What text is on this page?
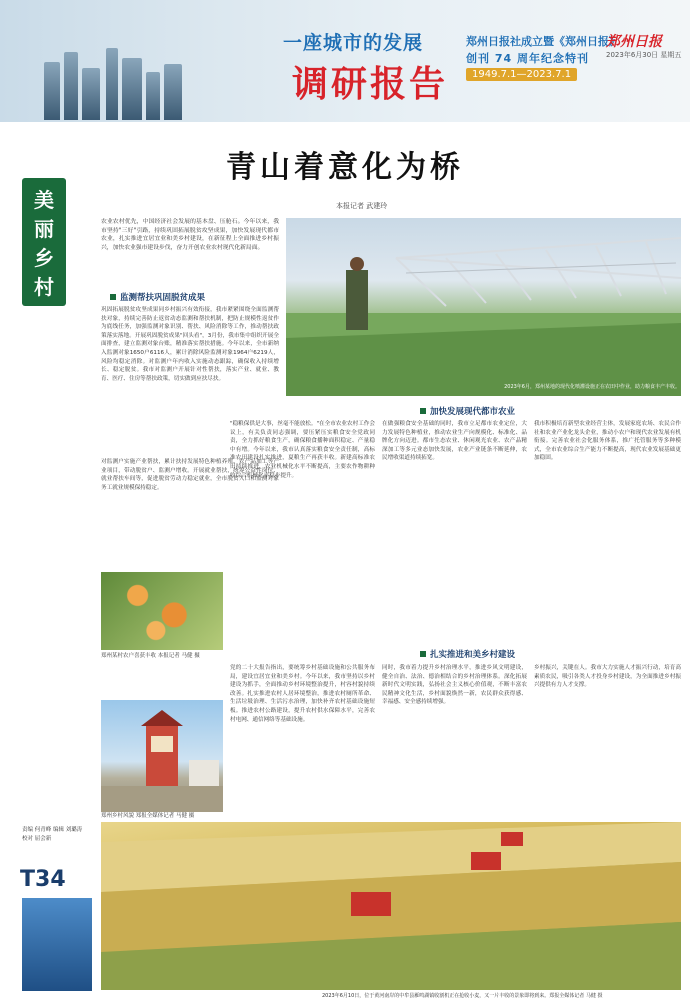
一座城市的发展
调研报告
郑州日报社成立暨《郑州日报》
创刊 74 周年纪念特刊
1949.7.1—2023.7.1
郑州日报
2023年6月30日 星期五
美
丽
乡
村
青山着意化为桥
本报记者 武建玲
农业农村优先，中国经济社会发展的基本盘、压舱石。今年以来，我市坚持"三好"引路，持续巩固拓展脱贫攻坚成果，加快发展现代都市农业，扎实推进宜居宜业和美乡村建设，在新征程上全面推进乡村振兴，加快农业强市建设步伐，奋力开创农业农村现代化新局面。
监测帮扶巩固脱贫成果
巩固拓展脱贫攻坚成果同乡村振兴有效衔接，我市紧紧围绕全面监测帮扶对象，持续完善防止返贫动态监测和帮扶机制，把防止规模性返贫作为底线任务，加强监测对象识别、帮扶、风险消除等工作，推动帮扶政策落实落地。开展巩固脱贫成果"回头看"，3月份，我市集中组织开展全面排查，建立监测对象台账，精准落实帮扶措施。今年以来，全市新纳入监测对象1650户6116人，累计消除风险监测对象1964户6219人，风险均稳定消除。对监测户年内收入实施动态跟踪，确保收入持续增长、稳定脱贫。我市对监测户开展针对性帮扶，落实产业、就业、教育、医疗、住房等帮扶政策，切实做到应扶尽扶。
对监测户实施产业帮扶，累计扶持发展特色种植养殖、农产品加工等产业项目，带动脱贫户、监测户增收。开展就业帮扶，统筹公益性岗位、就业帮扶车间等，促进脱贫劳动力稳定就业，全市脱贫人口和监测对象务工就业规模保持稳定。
2023年6月，郑州某地的现代化喷灌设施正在农田中作业，助力粮食丰产丰收。
加快发展现代都市农业
"稳粮保供是大事，丝毫不能放松。"在全市农业农村工作会议上，有关负责同志强调，要压紧压实粮食安全党政同责，全力抓好粮食生产，确保粮食播种面积稳定、产量稳中有增。今年以来，我市认真落实粮食安全责任制，高标准农田建设扎实推进，夏粮生产再获丰收。新建高标准农田持续推进，农业机械化水平不断提高，主要农作物耕种收综合机械化率稳步提升。
在做强粮食安全基础的同时，我市立足都市农业定位，大力发展特色种植业，推动农业生产向规模化、标准化、品牌化方向迈进。都市生态农业、休闲观光农业、农产品精深加工等多元业态加快发展，农业产业链条不断延伸，农民增收渠道持续拓宽。
我市积极培育新型农业经营主体，发展家庭农场、农民合作社和农业产业化龙头企业，推动小农户和现代农业发展有机衔接。完善农业社会化服务体系，推广托管服务等多种模式，全市农业综合生产能力不断提高，现代农业发展基础更加稳固。
郑州某村农户喜获丰收 本报记者 马健 摄	扎实推进和美乡村建设
党的二十大报告指出，要统筹乡村基础设施和公共服务布局，建设宜居宜业和美乡村。今年以来，我市坚持以乡村建设为抓手，全面推动乡村环境整治提升，村容村貌持续改善。扎实推进农村人居环境整治，推进农村厕所革命、生活垃圾治理、生活污水治理，加快补齐农村基础设施短板。推进农村公路建设，提升农村供水保障水平，完善农村电网、通信网络等基础设施。
同时，我市着力提升乡村治理水平，推进乡风文明建设，健全自治、法治、德治相结合的乡村治理体系。深化拓展新时代文明实践，弘扬社会主义核心价值观，不断丰富农民精神文化生活，乡村面貌焕然一新，农民群众获得感、幸福感、安全感持续增强。
乡村振兴，关键在人。我市大力实施人才振兴行动，培育高素质农民，吸引各类人才投身乡村建设，为全面推进乡村振兴提供有力人才支撑。
郑州乡村风貌 郑报全媒体记者 马健 摄
2023年6月10日，位于黄河南岸的中牟县雁鸣湖镇收割机正在抢收小麦，又一片丰收的景象即将到来。郑报全媒体记者 马健 摄
责编 何青峰 编辑 刘璐涛
校对 屈会新
T34
